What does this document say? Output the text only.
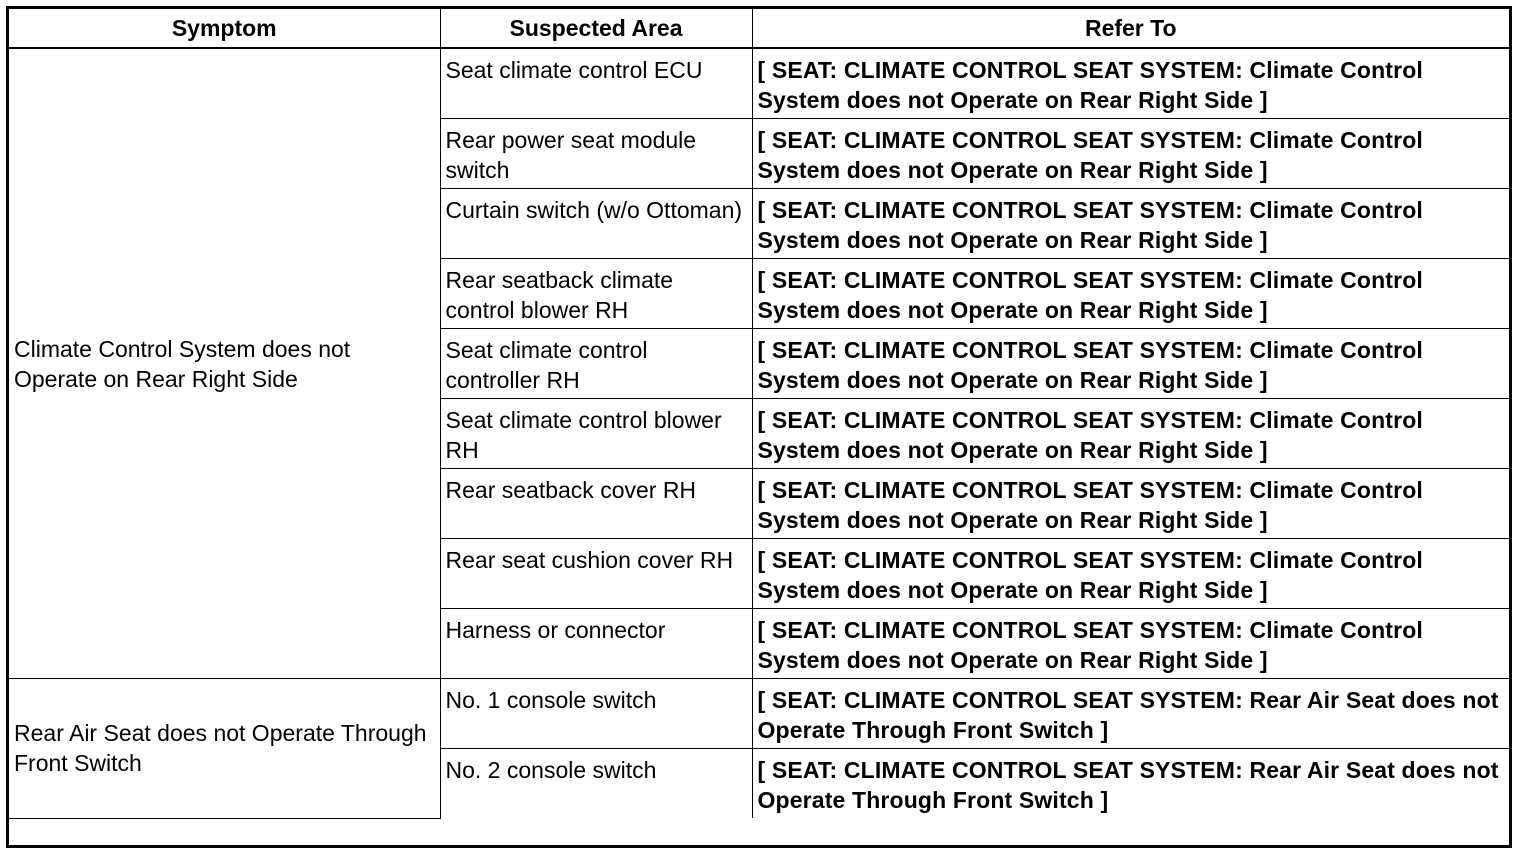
Symptom	Suspected Area	Refer To

Climate Control System does not Operate on Rear Right Side	Seat climate control ECU	[ SEAT: CLIMATE CONTROL SEAT SYSTEM: Climate Control System does not Operate on Rear Right Side ]

	Rear power seat module switch	[ SEAT: CLIMATE CONTROL SEAT SYSTEM: Climate Control System does not Operate on Rear Right Side ]

	Curtain switch (w/o Ottoman)	[ SEAT: CLIMATE CONTROL SEAT SYSTEM: Climate Control System does not Operate on Rear Right Side ]

	Rear seatback climate control blower RH	[ SEAT: CLIMATE CONTROL SEAT SYSTEM: Climate Control System does not Operate on Rear Right Side ]

	Seat climate control controller RH	[ SEAT: CLIMATE CONTROL SEAT SYSTEM: Climate Control System does not Operate on Rear Right Side ]

	Seat climate control blower RH	[ SEAT: CLIMATE CONTROL SEAT SYSTEM: Climate Control System does not Operate on Rear Right Side ]

	Rear seatback cover RH	[ SEAT: CLIMATE CONTROL SEAT SYSTEM: Climate Control System does not Operate on Rear Right Side ]

	Rear seat cushion cover RH	[ SEAT: CLIMATE CONTROL SEAT SYSTEM: Climate Control System does not Operate on Rear Right Side ]

	Harness or connector	[ SEAT: CLIMATE CONTROL SEAT SYSTEM: Climate Control System does not Operate on Rear Right Side ]

Rear Air Seat does not Operate Through Front Switch	No. 1 console switch	[ SEAT: CLIMATE CONTROL SEAT SYSTEM: Rear Air Seat does not Operate Through Front Switch ]

	No. 2 console switch	[ SEAT: CLIMATE CONTROL SEAT SYSTEM: Rear Air Seat does not Operate Through Front Switch ]
